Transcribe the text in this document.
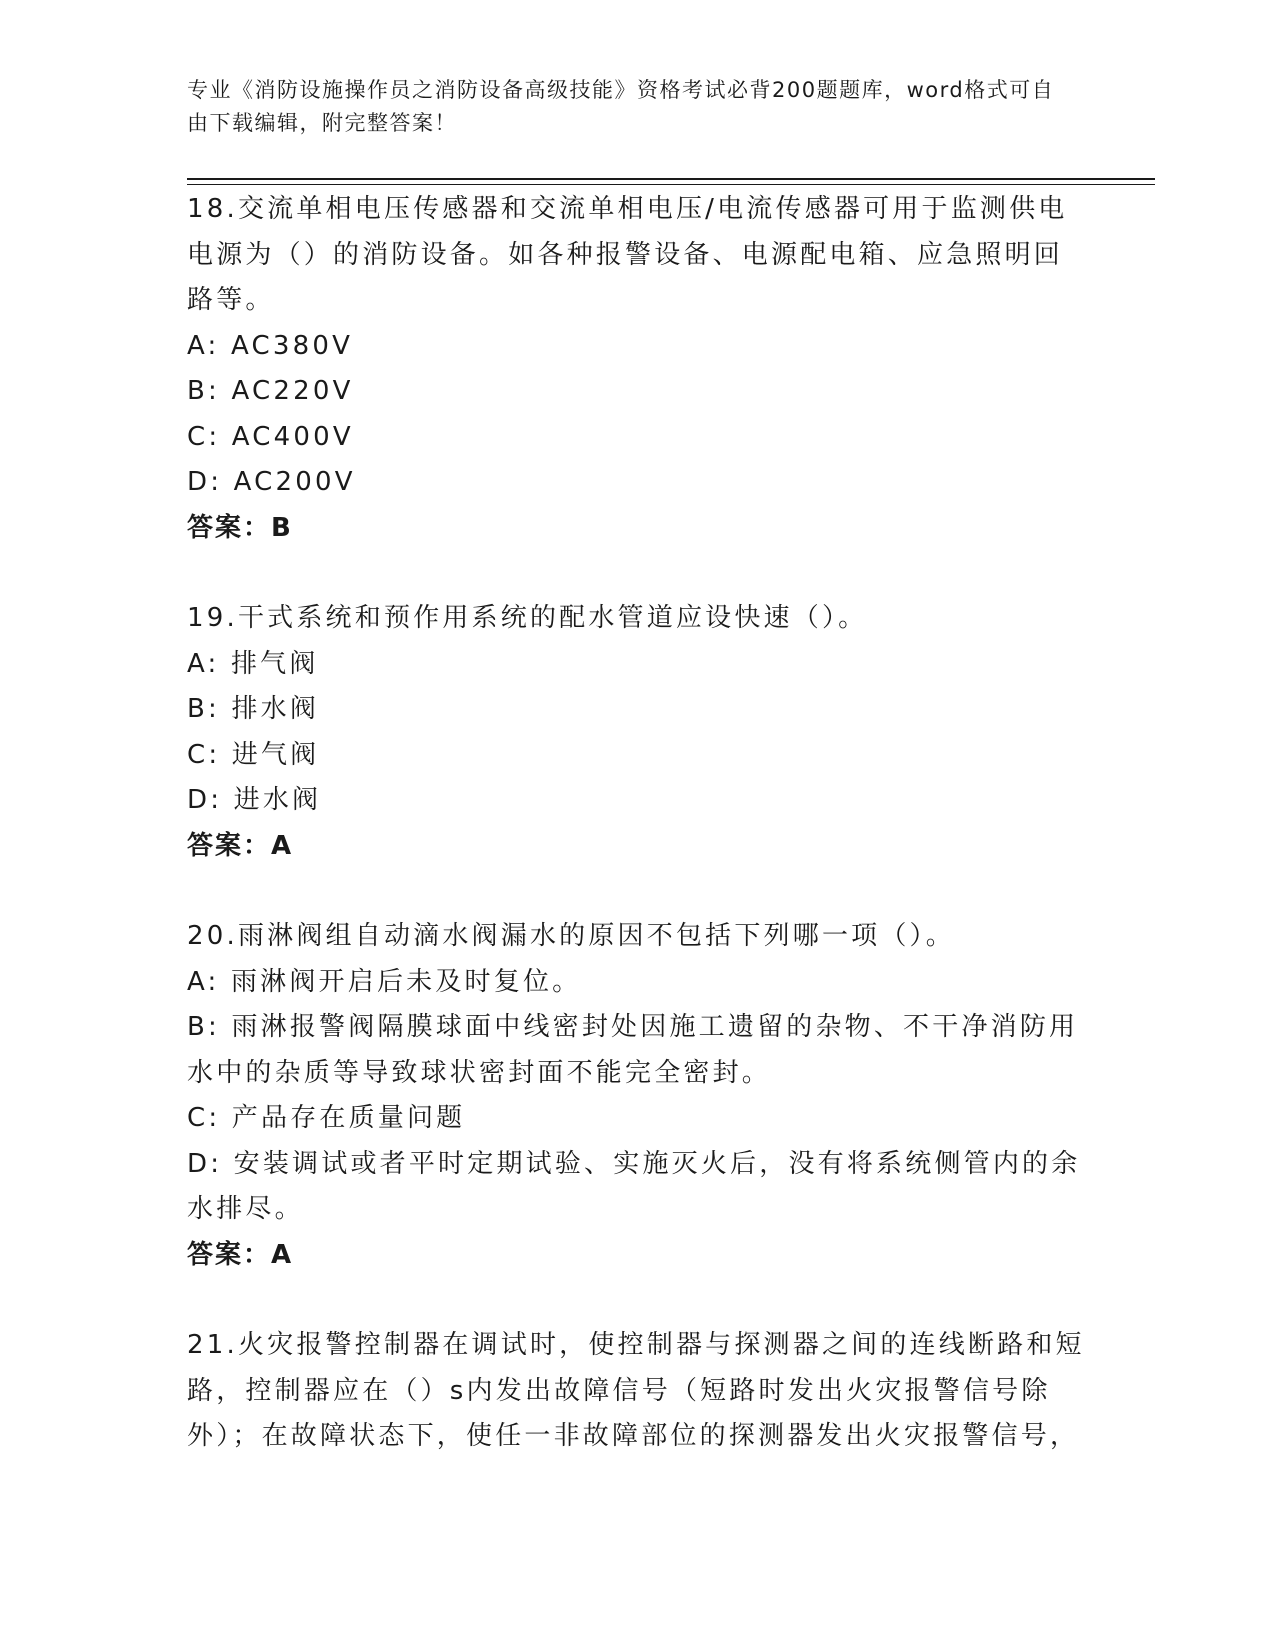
专业《消防设施操作员之消防设备高级技能》资格考试必背200题题库，word格式可自由下载编辑，附完整答案！
18.交流单相电压传感器和交流单相电压/电流传感器可用于监测供电电源为（）的消防设备。如各种报警设备、电源配电箱、应急照明回路等。
A: AC380V
B: AC220V
C: AC400V
D: AC200V
答案：B
19.干式系统和预作用系统的配水管道应设快速（）。
A: 排气阀
B: 排水阀
C: 进气阀
D: 进水阀
答案：A
20.雨淋阀组自动滴水阀漏水的原因不包括下列哪一项（）。
A: 雨淋阀开启后未及时复位。
B: 雨淋报警阀隔膜球面中线密封处因施工遗留的杂物、不干净消防用水中的杂质等导致球状密封面不能完全密封。
C: 产品存在质量问题
D: 安装调试或者平时定期试验、实施灭火后，没有将系统侧管内的余水排尽。
答案：A
21.火灾报警控制器在调试时，使控制器与探测器之间的连线断路和短路，控制器应在（）s内发出故障信号（短路时发出火灾报警信号除外）；在故障状态下，使任一非故障部位的探测器发出火灾报警信号，
